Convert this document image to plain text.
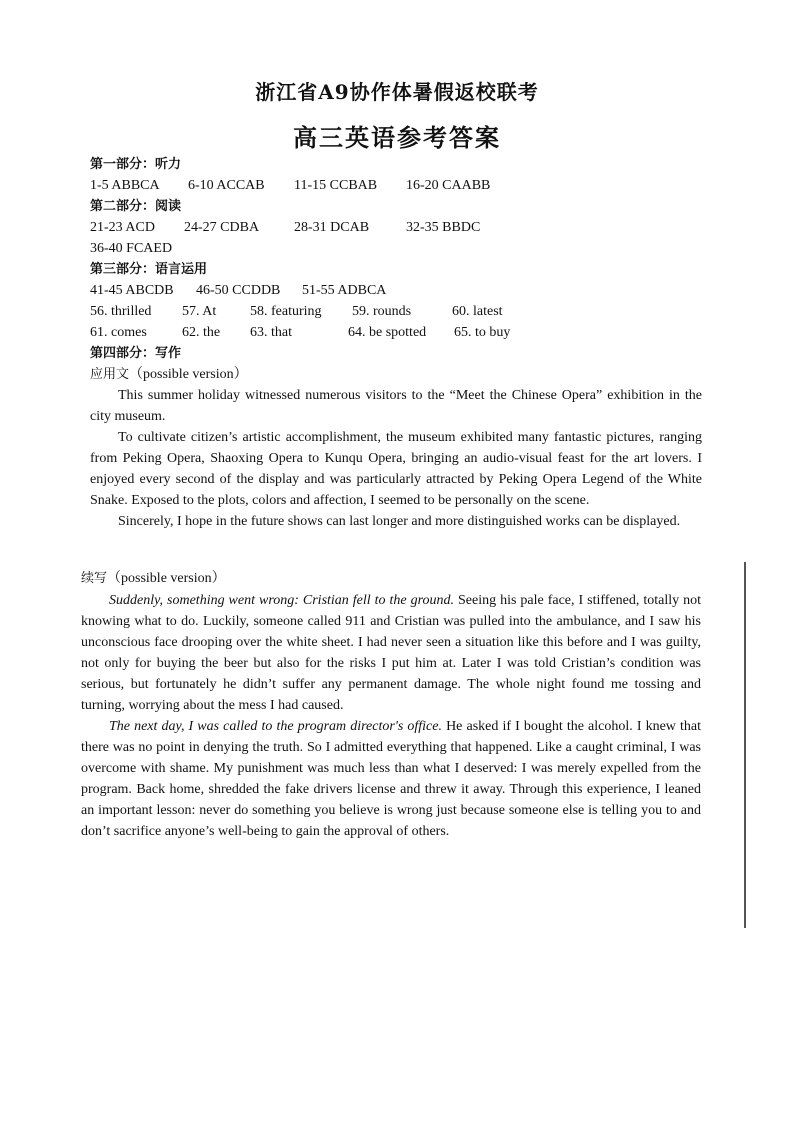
浙江省A9协作体暑假返校联考
高三英语参考答案
第一部分：听力
1-5 ABBCA 6-10 ACCAB 11-15 CCBAB 16-20 CAABB
第二部分：阅读
21-23 ACD 24-27 CDBA 28-31 DCAB	32-35 BBDC
36-40 FCAED
第三部分：语言运用
41-45 ABCDB 46-50 CCDDB 51-55 ADBCA
56. thrilled 57. At 58. featuring 59. rounds	60. latest
61. comes	62. the 63. that	64. be spotted 65. to buy
第四部分：写作
应用文（possible version）

This summer holiday witnessed numerous visitors to the “Meet the Chinese Opera” exhibition in the city museum.

To cultivate citizen’s artistic accomplishment, the museum exhibited many fantastic pictures, ranging from Peking Opera, Shaoxing Opera to Kunqu Opera, bringing an audio-visual feast for the art lovers. I enjoyed every second of the display and was particularly attracted by Peking Opera Legend of the White Snake. Exposed to the plots, colors and affection, I seemed to be personally on the scene.

Sincerely, I hope in the future shows can last longer and more distinguished works can be displayed.

续写（possible version）

Suddenly, something went wrong: Cristian fell to the ground. Seeing his pale face, I stiffened, totally not knowing what to do. Luckily, someone called 911 and Cristian was pulled into the ambulance, and I saw his unconscious face drooping over the white sheet. I had never seen a situation like this before and I was guilty, not only for buying the beer but also for the risks I put him at. Later I was told Cristian’s condition was serious, but fortunately he didn’t suffer any permanent damage. The whole night found me tossing and turning, worrying about the mess I had caused.

The next day, I was called to the program director's office. He asked if I bought the alcohol. I knew that there was no point in denying the truth. So I admitted everything that happened. Like a caught criminal, I was overcome with shame. My punishment was much less than what I deserved: I was merely expelled from the program. Back home, shredded the fake drivers license and threw it away. Through this experience, I leaned an important lesson: never do something you believe is wrong just because someone else is telling you to and don’t sacrifice anyone’s well-being to gain the approval of others.
